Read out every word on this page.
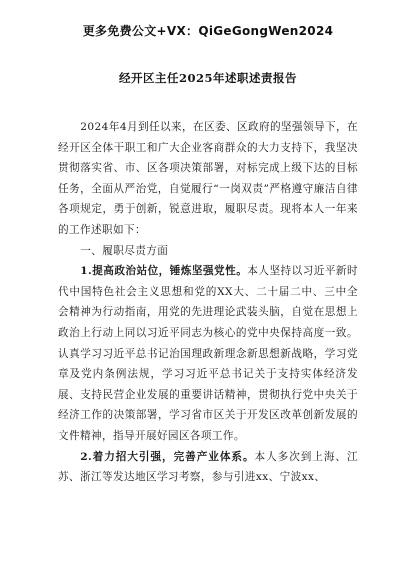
更多免费公文+VX：QiGeGongWen2024
经开区主任2025年述职述责报告

2024年4月到任以来，在区委、区政府的坚强领导下，在经开区全体干职工和广大企业客商群众的大力支持下，我坚决贯彻落实省、市、区各项决策部署，对标完成上级下达的目标任务，全面从严治党，自觉履行“一岗双责”严格遵守廉洁自律各项规定，勇于创新，锐意进取，履职尽责。现将本人一年来的工作述职如下：

一、履职尽责方面

1.提高政治站位，锤炼坚强党性。本人坚持以习近平新时代中国特色社会主义思想和党的XX大、二十届二中、三中全会精神为行动指南，用党的先进理论武装头脑，自觉在思想上政治上行动上同以习近平同志为核心的党中央保持高度一致。认真学习习近平总书记治国理政新理念新思想新战略，学习党章及党内条例法规，学习习近平总书记关于支持实体经济发展、支持民营企业发展的重要讲话精神，贯彻执行党中央关于经济工作的决策部署，学习省市区关于开发区改革创新发展的文件精神，指导开展好园区各项工作。

2.着力招大引强，完善产业体系。本人多次到上海、江苏、浙江等发达地区学习考察，参与引进xx、宁波xx、
